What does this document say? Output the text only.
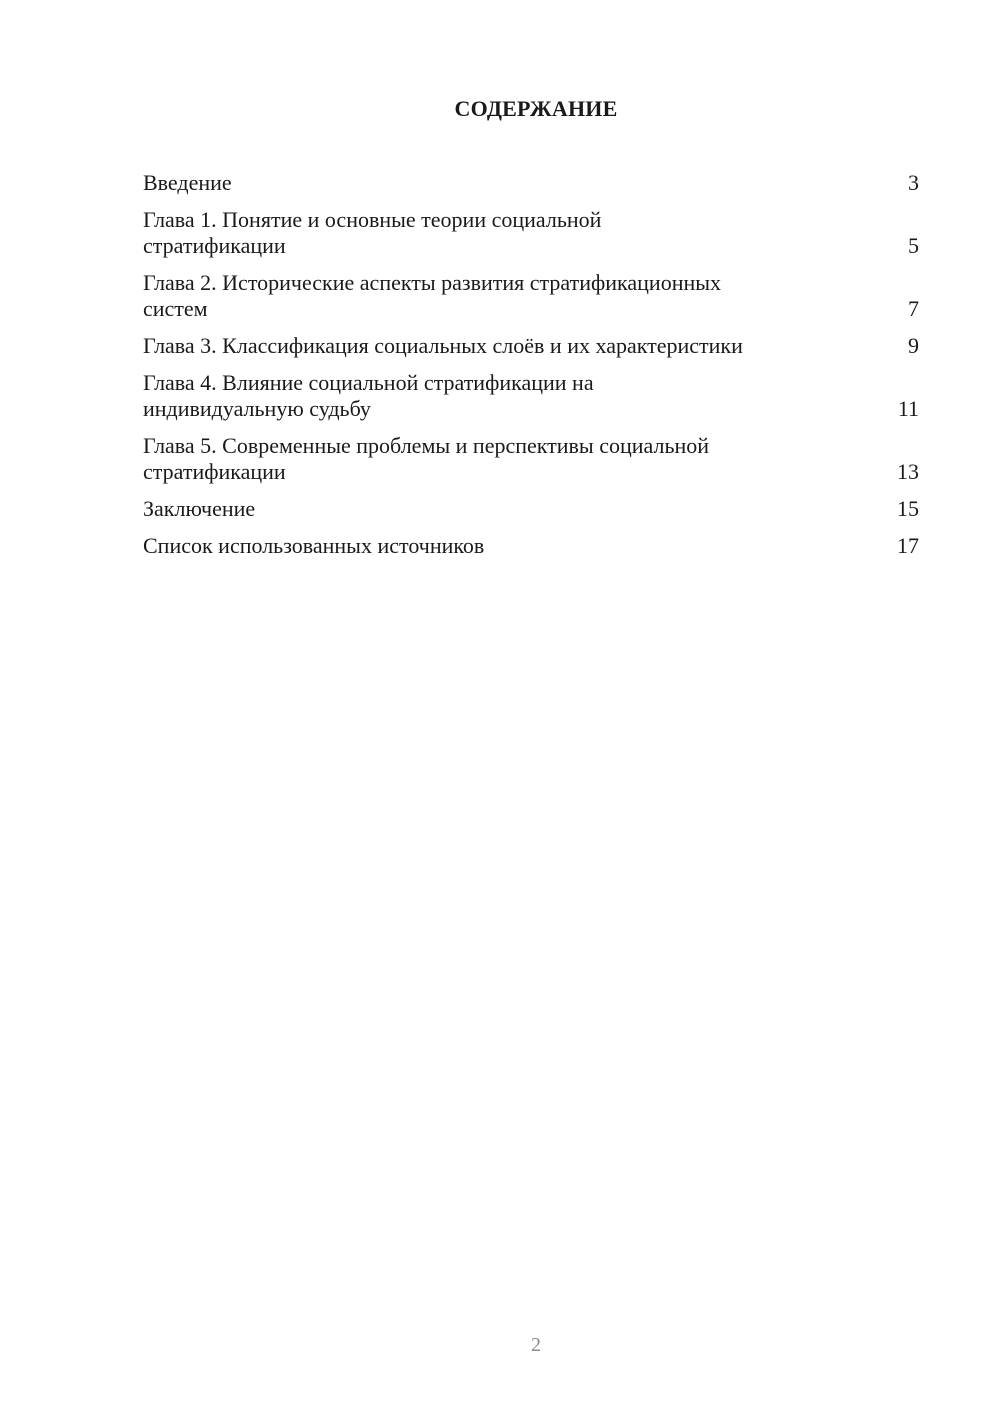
СОДЕРЖАНИЕ
Введение	3
Глава 1. Понятие и основные теории социальной
стратификации	5
Глава 2. Исторические аспекты развития стратификационных
систем	7
Глава 3. Классификация социальных слоёв и их характеристики	9
Глава 4. Влияние социальной стратификации на
индивидуальную судьбу	11
Глава 5. Современные проблемы и перспективы социальной
стратификации	13
Заключение	15
Список использованных источников	17
2
